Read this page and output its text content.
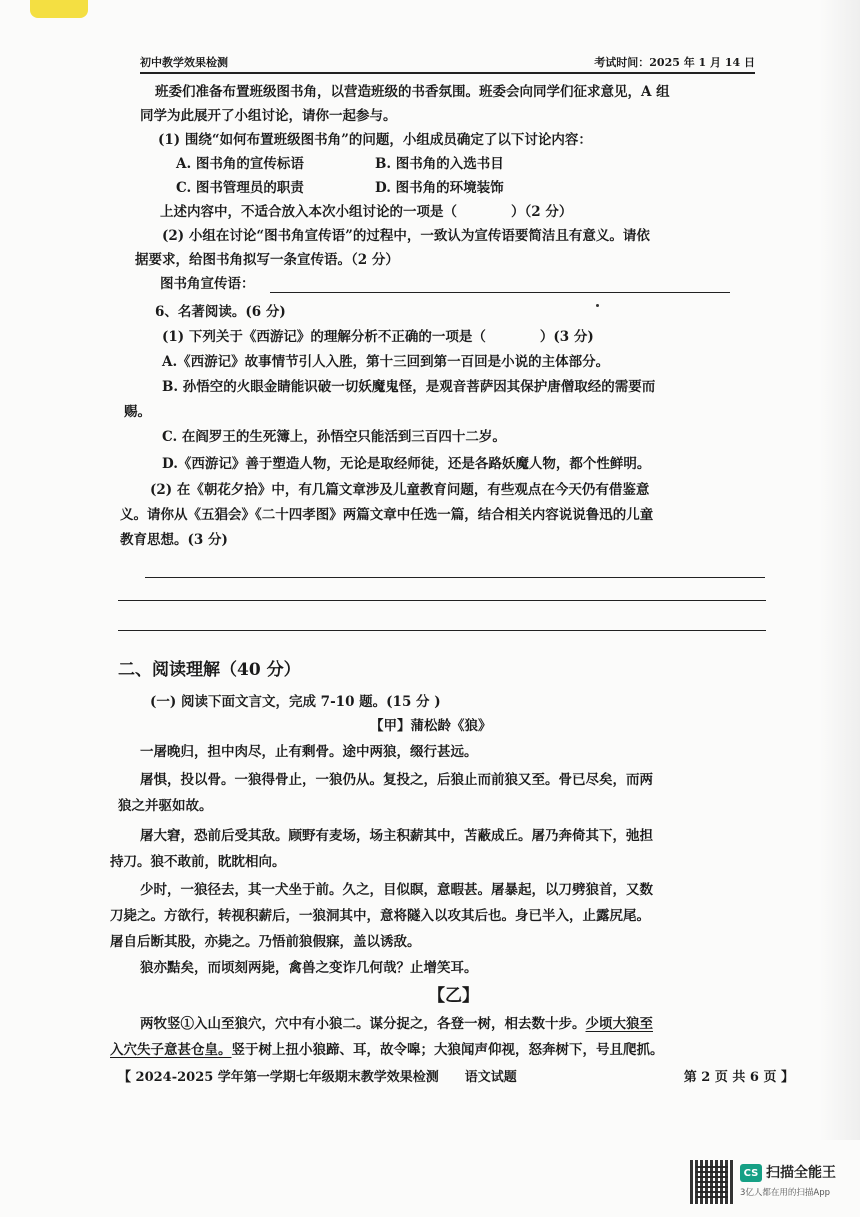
初中教学效果检测	考试时间：2025 年 1 月 14 日
班委们准备布置班级图书角，以营造班级的书香氛围。班委会向同学们征求意见，A 组
同学为此展开了小组讨论，请你一起参与。
(1) 围绕“如何布置班级图书角”的问题，小组成员确定了以下讨论内容：
A. 图书角的宣传标语	B. 图书角的入选书目
C. 图书管理员的职责	D. 图书角的环境装饰
上述内容中，不适合放入本次小组讨论的一项是（　　　　）（2 分）
(2) 小组在讨论“图书角宣传语”的过程中，一致认为宣传语要简洁且有意义。请依
据要求，给图书角拟写一条宣传语。（2 分）
图书角宣传语：
6、名著阅读。(6 分)
(1) 下列关于《西游记》的理解分析不正确的一项是（　　　　）(3 分)
A.《西游记》故事情节引人入胜，第十三回到第一百回是小说的主体部分。
B. 孙悟空的火眼金睛能识破一切妖魔鬼怪，是观音菩萨因其保护唐僧取经的需要而
赐。
C. 在阎罗王的生死簿上，孙悟空只能活到三百四十二岁。
D.《西游记》善于塑造人物，无论是取经师徒，还是各路妖魔人物，都个性鲜明。
(2) 在《朝花夕拾》中，有几篇文章涉及儿童教育问题，有些观点在今天仍有借鉴意
义。请你从《五猖会》《二十四孝图》两篇文章中任选一篇，结合相关内容说说鲁迅的儿童
教育思想。(3 分)
二、阅读理解（40 分）
(一) 阅读下面文言文，完成 7-10 题。(15 分 )
【甲】蒲松龄《狼》
一屠晚归，担中肉尽，止有剩骨。途中两狼，缀行甚远。
屠惧，投以骨。一狼得骨止，一狼仍从。复投之，后狼止而前狼又至。骨已尽矣，而两
狼之并驱如故。
屠大窘，恐前后受其敌。顾野有麦场，场主积薪其中，苫蔽成丘。屠乃奔倚其下，弛担
持刀。狼不敢前，眈眈相向。
少时，一狼径去，其一犬坐于前。久之，目似瞑，意暇甚。屠暴起，以刀劈狼首，又数
刀毙之。方欲行，转视积薪后，一狼洞其中，意将隧入以攻其后也。身已半入，止露尻尾。
屠自后断其股，亦毙之。乃悟前狼假寐，盖以诱敌。
狼亦黠矣，而顷刻两毙，禽兽之变诈几何哉？止增笑耳。
【乙】
两牧竖①入山至狼穴，穴中有小狼二。谋分捉之，各登一树，相去数十步。少顷大狼至
入穴失子意甚仓皇。竖于树上扭小狼蹄、耳，故令嗥；大狼闻声仰视，怒奔树下，号且爬抓。
【 2024-2025 学年第一学期七年级期末教学效果检测　　语文试题	第 2 页 共 6 页 】
CS 扫描全能王
3亿人都在用的扫描App
